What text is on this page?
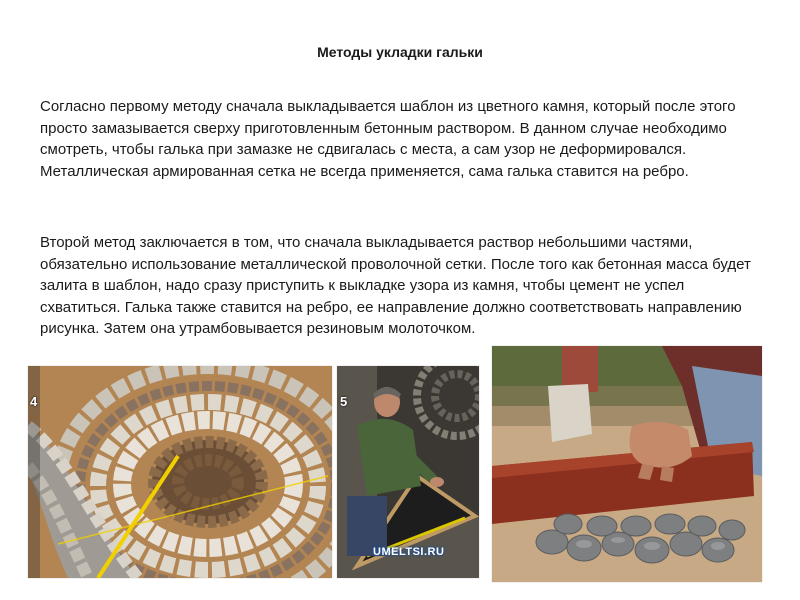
Методы укладки гальки

Согласно первому методу сначала выкладывается шаблон из цветного камня, который после этого просто замазывается сверху приготовленным бетонным раствором. В данном случае необходимо смотреть, чтобы галька при замазке не сдвигалась с места, а сам узор не деформировался. Металлическая армированная сетка не всегда применяется, сама галька ставится на ребро.

Второй метод заключается в том, что сначала выкладывается раствор небольшими частями, обязательно использование металлической проволочной сетки. После того как бетонная масса будет залита в шаблон, надо сразу приступить к выкладке узора из камня, чтобы цемент не успел схватиться. Галька также ставится на ребро, ее направление должно соответствовать направлению рисунка. Затем она утрамбовывается резиновым молоточком.

4	5
UMELTSI.RU
